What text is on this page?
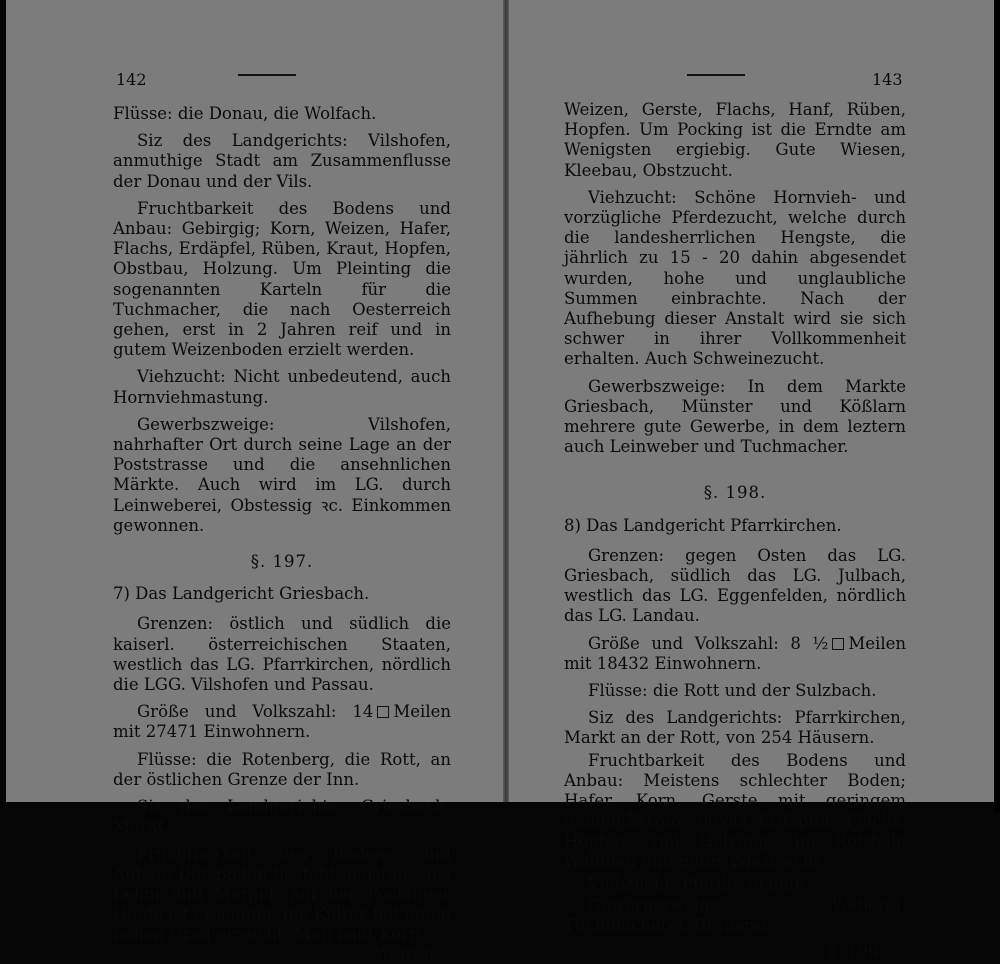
142

Flüsse: die Donau, die Wolfach.

Siz des Landgerichts: Vilshofen, anmuthige Stadt am Zusammenflusse der Donau und der Vils.

Fruchtbarkeit des Bodens und Anbau: Gebirgig; Korn, Weizen, Hafer, Flachs, Erdäpfel, Rüben, Kraut, Hopfen, Obstbau, Holzung. Um Pleinting die sogenannten Karteln für die Tuchmacher, die nach Oesterreich gehen, erst in 2 Jahren reif und in gutem Weizenboden erzielt werden.

Viehzucht: Nicht unbedeutend, auch Hornviehmastung.

Gewerbszweige: Vilshofen, nahrhafter Ort durch seine Lage an der Poststrasse und die ansehnlichen Märkte. Auch wird im LG. durch Leinweberei, Obstessig ꝛc. Einkommen gewonnen.

§. 197.
7) Das Landgericht Griesbach.

Grenzen: östlich und südlich die kaiserl. österreichischen Staaten, westlich das LG. Pfarrkirchen, nördlich die LGG. Vilshofen und Passau.

Größe und Volkszahl: 14 Meilen mit 27471 Einwohnern.

Flüsse: die Rotenberg, die Rott, an der östlichen Grenze der Inn.

Siz des Landgerichts: Griesbach, Markt.

Fruchtbarkeit des Bodens und Anbau: Der Boden besteht meistens aus Lehm und Mergel; auf der Pockinger Haide ist er sandig, die Kultur hat einen hohen Grad erreicht. Man baut Korn,

Weizen,
143

Weizen, Gerste, Flachs, Hanf, Rüben, Hopfen. Um Pocking ist die Erndte am Wenigsten ergiebig. Gute Wiesen, Kleebau, Obstzucht.

Viehzucht: Schöne Hornvieh- und vorzügliche Pferdezucht, welche durch die landesherrlichen Hengste, die jährlich zu 15 - 20 dahin abgesendet wurden, hohe und unglaubliche Summen einbrachte. Nach der Aufhebung dieser Anstalt wird sie sich schwer in ihrer Vollkommenheit erhalten. Auch Schweinezucht.

Gewerbszweige: In dem Markte Griesbach, Münster und Kößlarn mehrere gute Gewerbe, in dem leztern auch Leinweber und Tuchmacher.

§. 198.
8) Das Landgericht Pfarrkirchen.

Grenzen: gegen Osten das LG. Griesbach, südlich das LG. Julbach, westlich das LG. Eggenfelden, nördlich das LG. Landau.

Größe und Volkszahl: 8 ½ Meilen mit 18432 Einwohnern.

Flüsse: die Rott und der Sulzbach.

Siz des Landgerichts: Pfarrkirchen, Markt an der Rott, von 254 Häusern.

Fruchtbarkeit des Bodens und Anbau: Meistens schlechter Boden; Hafer, Korn, Gerste mit geringem Samen-Ertrag, etwas Erdäpfel, Flachs, Hopfen, viel Holzung. Im Rotthale Weinbau und guter Wieswachs.

Viehzucht: Pferde, Schafe.

Gewerbszweige: Weberei, Tuchmacherei, Brauerei.

§. 199.
